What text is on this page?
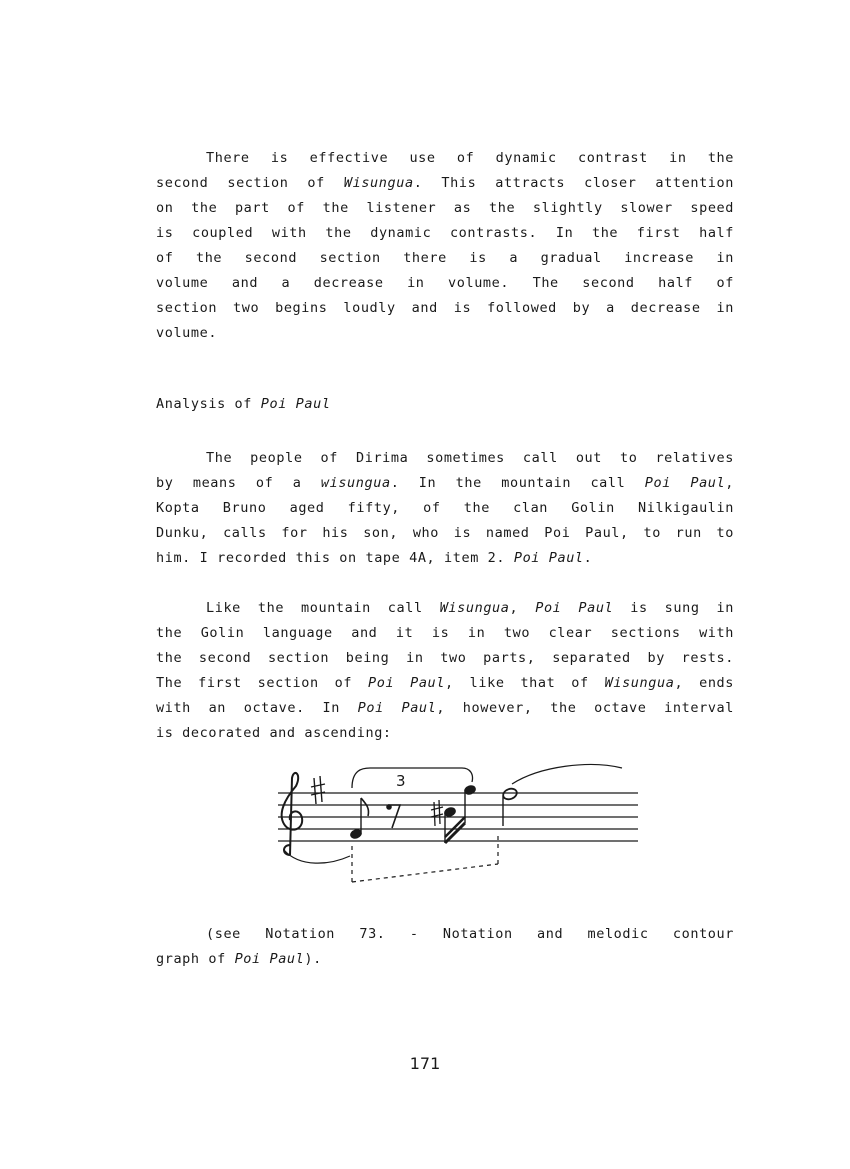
There is effective use of dynamic contrast in the
second section of Wisungua. This attracts closer attention
on the part of the listener as the slightly slower speed
is coupled with the dynamic contrasts. In the first half
of the second section there is a gradual increase in
volume and a decrease in volume. The second half of
section two begins loudly and is followed by a decrease in
volume.

Analysis of Poi Paul

The people of Dirima sometimes call out to relatives
by means of a wisungua. In the mountain call Poi Paul,
Kopta Bruno aged fifty, of the clan Golin Nilkigaulin
Dunku, calls for his son, who is named Poi Paul, to run to
him. I recorded this on tape 4A, item 2. Poi Paul.

Like the mountain call Wisungua, Poi Paul is sung in
the Golin language and it is in two clear sections with
the second section being in two parts, separated by rests.
The first section of Poi Paul, like that of Wisungua, ends
with an octave. In Poi Paul, however, the octave interval
is decorated and ascending:

3

(see Notation 73. - Notation and melodic contour
graph of Poi Paul).

171
